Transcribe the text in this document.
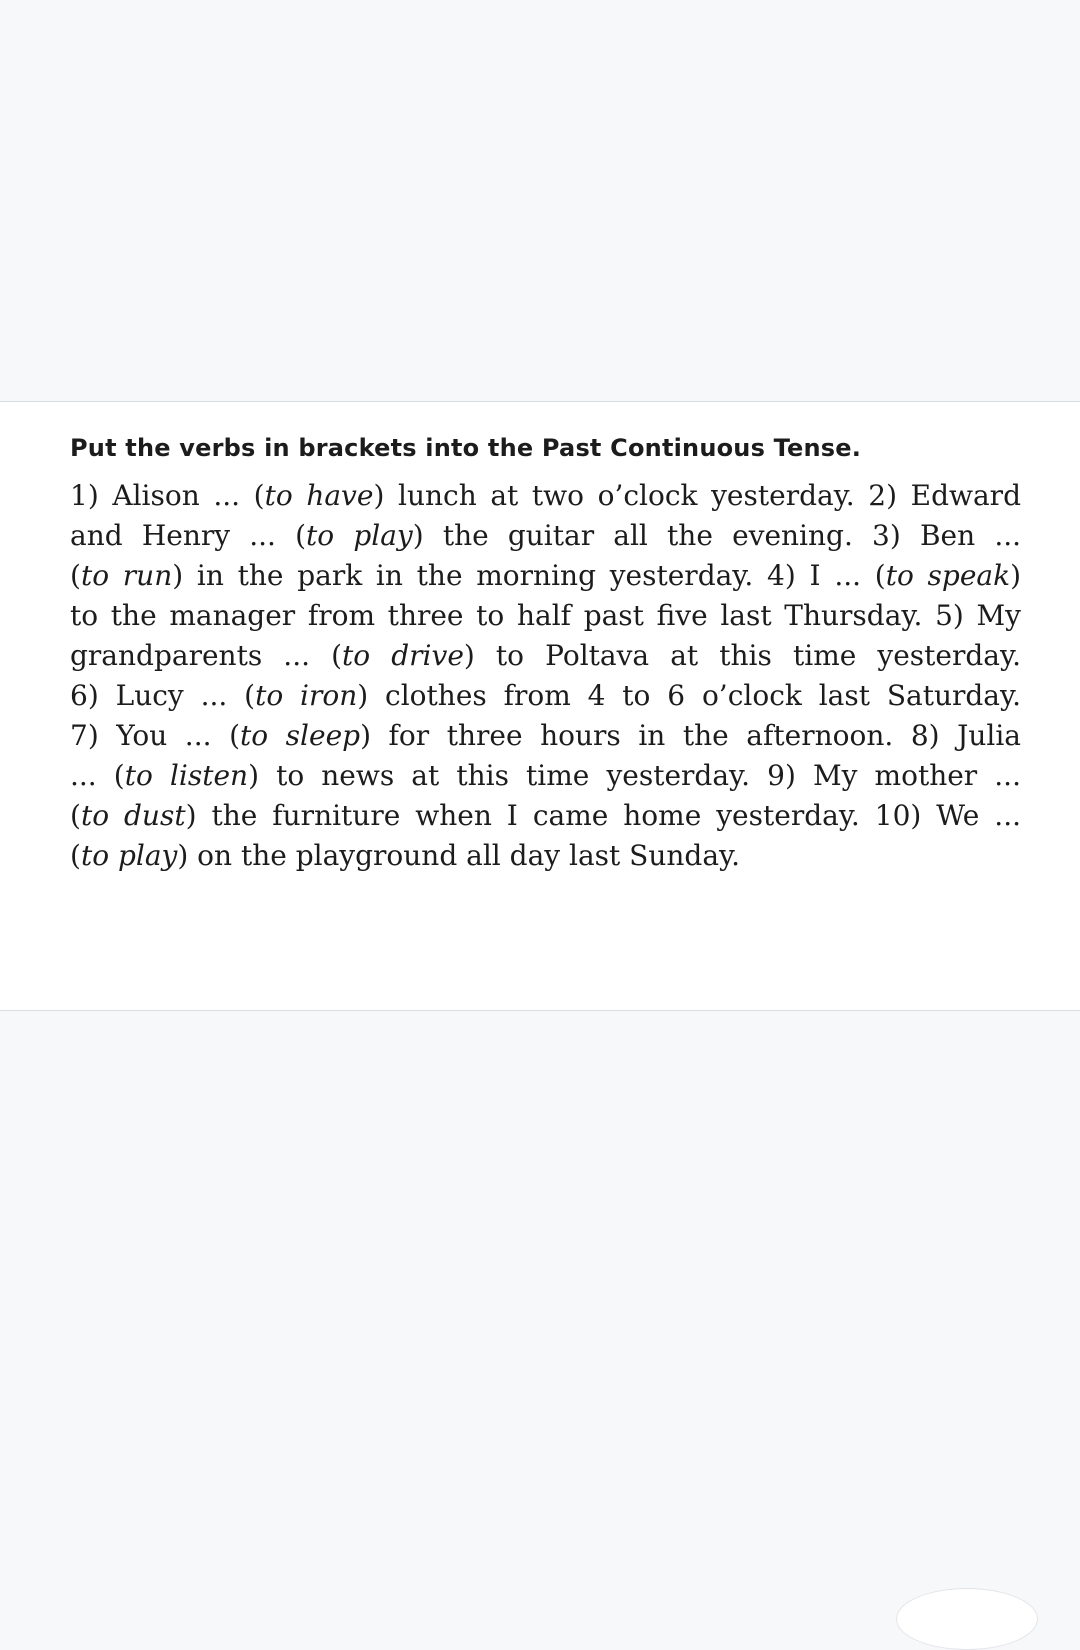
Put the verbs in brackets into the Past Continuous Tense.

1) Alison ... (to have) lunch at two o’clock yesterday. 2) Edward
and Henry ... (to play) the guitar all the evening. 3) Ben ...
(to run) in the park in the morning yesterday. 4) I ... (to speak)
to the manager from three to half past five last Thursday. 5) My
grandparents ... (to drive) to Poltava at this time yesterday.
6) Lucy ... (to iron) clothes from 4 to 6 o’clock last Saturday.
7) You ... (to sleep) for three hours in the afternoon. 8) Julia
... (to listen) to news at this time yesterday. 9) My mother ...
(to dust) the furniture when I came home yesterday. 10) We ...
(to play) on the playground all day last Sunday.
